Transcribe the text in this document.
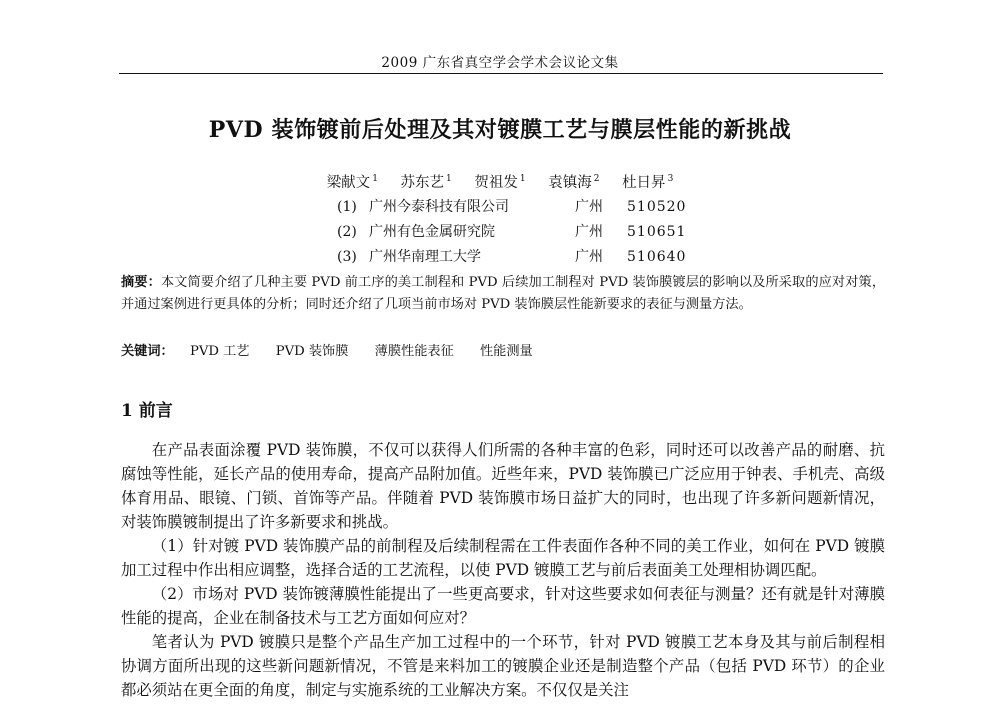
2009 广东省真空学会学术会议论文集
PVD 装饰镀前后处理及其对镀膜工艺与膜层性能的新挑战
梁献文 $^1$ 苏东艺 $^1$ 贺祖发 $^1$ 袁镇海 $^2$ 杜日昇 $^3$
(1) 广州今泰科技有限公司	广州 510520
(2) 广州有色金属研究院	广州 510651
(3) 广州华南理工大学	广州 510640
摘要：本文简要介绍了几种主要 PVD 前工序的美工制程和 PVD 后续加工制程对 PVD 装饰膜镀层的影响以及所采取的应对对策，并通过案例进行更具体的分析；同时还介绍了几项当前市场对 PVD 装饰膜层性能新要求的表征与测量方法。
关键词： PVD 工艺 PVD 装饰膜 薄膜性能表征 性能测量
1 前言

在产品表面涂覆 PVD 装饰膜，不仅可以获得人们所需的各种丰富的色彩，同时还可以改善产品的耐磨、抗腐蚀等性能，延长产品的使用寿命，提高产品附加值。近些年来，PVD 装饰膜已广泛应用于钟表、手机壳、高级体育用品、眼镜、门锁、首饰等产品。伴随着 PVD 装饰膜市场日益扩大的同时，也出现了许多新问题新情况，对装饰膜镀制提出了许多新要求和挑战。

（1）针对镀 PVD 装饰膜产品的前制程及后续制程需在工件表面作各种不同的美工作业，如何在 PVD 镀膜加工过程中作出相应调整，选择合适的工艺流程，以使 PVD 镀膜工艺与前后表面美工处理相协调匹配。

（2）市场对 PVD 装饰镀薄膜性能提出了一些更高要求，针对这些要求如何表征与测量？还有就是针对薄膜性能的提高，企业在制备技术与工艺方面如何应对？

笔者认为 PVD 镀膜只是整个产品生产加工过程中的一个环节，针对 PVD 镀膜工艺本身及其与前后制程相协调方面所出现的这些新问题新情况，不管是来料加工的镀膜企业还是制造整个产品（包括 PVD 环节）的企业都必须站在更全面的角度，制定与实施系统的工业解决方案。不仅仅是关注
